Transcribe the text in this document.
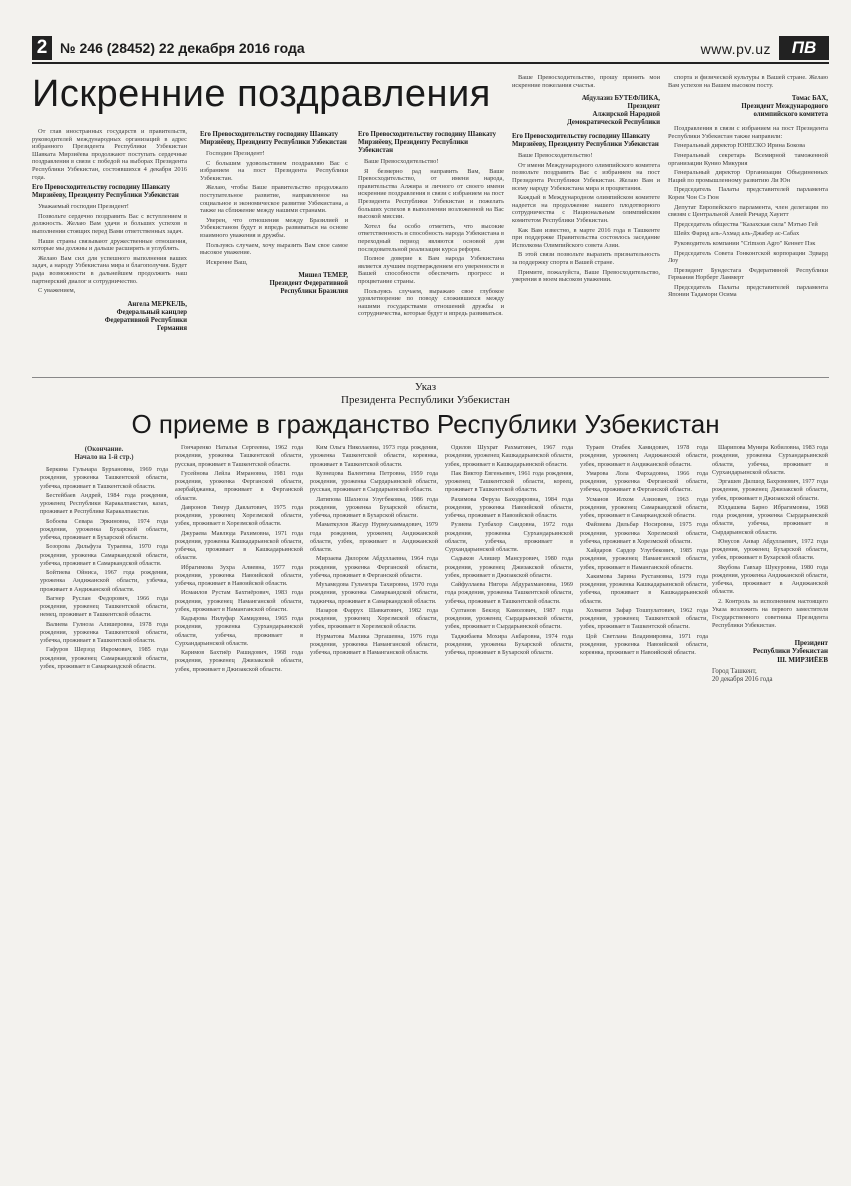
2 № 246 (28452) 22 декабря 2016 года	www.pv.uz	ПВ
Искренние поздравления

От глав иностранных государств и правительств, руководителей международных организаций в адрес избранного Президента Республики Узбекистан Шавката Мирзиёева продолжают поступать сердечные поздравления в связи с победой на выборах Президента Республики Узбекистан, состоявшихся 4 декабря 2016 года.

Его Превосходительству господину Шавкату Мирзиёеву, Президенту Республики Узбекистан

Уважаемый господин Президент!

Позвольте сердечно поздравить Вас с вступлением в должность. Желаю Вам удачи и больших успехов в выполнении стоящих перед Вами ответственных задач.

Наши страны связывают дружественные отношения, которые мы должны и дальше расширять и углублять.

Желаю Вам сил для успешного выполнения ваших задач, а народу Узбекистана мира и благополучия. Будет рада возможности в дальнейшем продолжить наш партнерский диалог и сотрудничество.

С уважением,

Ангела МЕРКЕЛЬ,
Федеральный канцлер
Федеративной Республики
Германия

Его Превосходительству господину Шавкату Мирзиёеву, Президенту Республики Узбекистан

Господин Президент!

С большим удовольствием поздравляю Вас с избранием на пост Президента Республики Узбекистан.

Желаю, чтобы Ваше правительство продолжало поступательное развитие, направленное на социальное и экономическое развитие Узбекистана, а также на сближение между нашими странами.

Уверен, что отношения между Бразилией и Узбекистаном будут и впредь развиваться на основе взаимного уважения и дружбы.

Пользуясь случаем, хочу выразить Вам свое самое высокое уважение.

Искренне Ваш,

Мишел ТЕМЕР,
Президент Федеративной
Республики Бразилия

Его Превосходительству господину Шавкату Мирзиёеву, Президенту Республики Узбекистан

Ваше Превосходительство!

Я безмерно рад направить Вам, Ваше Превосходительство, от имени народа, правительства Алжира и личного от своего имени искренние поздравления в связи с избранием на пост Президента Республики Узбекистан и пожелать больших успехов в выполнении возложенной на Вас высокой миссии.

Хотел бы особо отметить, что высокие ответственность и способность народа Узбекистана в переходный период являются основой для последовательной реализации курса реформ.

Полное доверие к Вам народа Узбекистана является лучшим подтверждением его уверенности в Вашей способности обеспечить прогресс и процветание страны.

Пользуясь случаем, выражаю свое глубокое удовлетворение по поводу сложившихся между нашими государствами отношений дружбы и сотрудничества, которые будут и впредь развиваться.

Ваше Превосходительство, прошу принять мои искренние пожелания счастья.

Абдулазиз БУТЕФЛИКА,
Президент
Алжирской Народной
Демократической Республики

Его Превосходительству господину Шавкату Мирзиёеву, Президенту Республики Узбекистан

Ваше Превосходительство!

От имени Международного олимпийского комитета позвольте поздравить Вас с избранием на пост Президента Республики Узбекистан. Желаю Вам и всему народу Узбекистана мира и процветания.

Каждый в Международном олимпийском комитете надеется на продолжение нашего плодотворного сотрудничества с Национальным олимпийским комитетом Республики Узбекистан.

Как Вам известно, в марте 2016 года в Ташкенте при поддержке Правительства состоялось заседание Исполкома Олимпийского совета Азии.

В этой связи позвольте выразить признательность за поддержку спорта в Вашей стране.

Примите, пожалуйста, Ваше Превосходительство, уверения в моем высоком уважении.

спорта и физической культуры в Вашей стране. Желаю Вам успехов на Вашем высоком посту.

Томас БАХ,
Президент Международного
олимпийского комитета

Поздравления в связи с избранием на пост Президента Республики Узбекистан также направили:

Генеральный директор ЮНЕСКО Ирина Бокова

Генеральный секретарь Всемирной таможенной организации Кунио Микурия

Генеральный директор Организации Объединенных Наций по промышленному развитию Ли Юн

Председатель Палаты представителей парламента Кореи Чон Сэ Гюн

Депутат Европейского парламента, член делегации по связям с Центральной Азией Ричард Хауитт

Председатель общества "Казахская сила" Мэтью Гей

Шейх Фарид аль-Ахмад аль-Джабер ас-Сабах

Руководитель компании "Crimson Agro" Кеннет Пэк

Председатель Совета Гонконгской корпорации Эдвард Лоу

Президент Бундестага Федеративной Республики Германия Норберт Ламмерт

Председатель Палаты представителей парламента Японии Тадамори Осима

Указ
Президента Республики Узбекистан
О приеме в гражданство Республики Узбекистан
(Окончание.
Начало на 1-й стр.)

Беркина Гульнара Бурхановна, 1969 года рождения, уроженка Ташкентской области, узбечка, проживает в Ташкентской области.

Бестейбаев Андрей, 1984 года рождения, уроженец Республики Каракалпакстан, казах, проживает в Республике Каракалпакстан.

Бобоева Севара Эркиновна, 1974 года рождения, уроженка Бухарской области, узбечка, проживает в Бухарской области.

Бозорова Дильфуза Тураевна, 1970 года рождения, уроженка Самаркандской области, узбечка, проживает в Самаркандской области.

Бойтиева Ойниса, 1967 года рождения, уроженка Андижанской области, узбечка, проживает в Андижанской области.

Вагнер Руслан Федорович, 1966 года рождения, уроженец Ташкентской области, немец, проживает в Ташкентской области.

Валиева Гулноза Алишеровна, 1978 года рождения, уроженка Ташкентской области, узбечка, проживает в Ташкентской области.

Гафуров Шерзод Икромович, 1985 года рождения, уроженец Самаркандской области, узбек, проживает в Самаркандской области.

Гончаренко Наталья Сергеевна, 1962 года рождения, уроженка Ташкентской области, русская, проживает в Ташкентской области.

Гусейнова Лейла Имрановна, 1981 года рождения, уроженка Ферганской области, азербайджанка, проживает в Ферганской области.

Давронов Тимур Давлатович, 1975 года рождения, уроженец Хорезмской области, узбек, проживает в Хорезмской области.

Джураева Мавлюда Рахимовна, 1971 года рождения, уроженка Кашкадарьинской области, узбечка, проживает в Кашкадарьинской области.

Ибрагимова Зухра Алиевна, 1977 года рождения, уроженка Навоийской области, узбечка, проживает в Навоийской области.

Исмаилов Рустам Бахтиёрович, 1983 года рождения, уроженец Наманганской области, узбек, проживает в Наманганской области.

Кадырова Нилуфар Хамидовна, 1965 года рождения, уроженка Сурхандарьинской области, узбечка, проживает в Сурхандарьинской области.

Каримов Бахтиёр Рашидович, 1968 года рождения, уроженец Джизакской области, узбек, проживает в Джизакской области.

Ким Ольга Николаевна, 1973 года рождения, уроженка Ташкентской области, кореянка, проживает в Ташкентской области.

Кузнецова Валентина Петровна, 1959 года рождения, уроженка Сырдарьинской области, русская, проживает в Сырдарьинской области.

Латипова Шахноза Улугбековна, 1986 года рождения, уроженка Бухарской области, узбечка, проживает в Бухарской области.

Маматкулов Жасур Нурмухаммадович, 1979 года рождения, уроженец Андижанской области, узбек, проживает в Андижанской области.

Мирзаева Дилором Абдуллаевна, 1964 года рождения, уроженка Ферганской области, узбечка, проживает в Ферганской области.

Мухамедова Гульчехра Тахировна, 1970 года рождения, уроженка Самаркандской области, таджичка, проживает в Самаркандской области.

Назаров Фаррух Шавкатович, 1982 года рождения, уроженец Хорезмской области, узбек, проживает в Хорезмской области.

Нурматова Малика Эргашевна, 1976 года рождения, уроженка Наманганской области, узбечка, проживает в Наманганской области.

Одилов Шухрат Рахматович, 1967 года рождения, уроженец Кашкадарьинской области, узбек, проживает в Кашкадарьинской области.

Пак Виктор Евгеньевич, 1961 года рождения, уроженец Ташкентской области, кореец, проживает в Ташкентской области.

Рахимова Феруза Баходировна, 1984 года рождения, уроженка Навоийской области, узбечка, проживает в Навоийской области.

Рузиева Гулбахор Саидовна, 1972 года рождения, уроженка Сурхандарьинской области, узбечка, проживает в Сурхандарьинской области.

Садыков Алишер Мансурович, 1980 года рождения, уроженец Джизакской области, узбек, проживает в Джизакской области.

Сайфуллаева Нигора Абдурахмановна, 1969 года рождения, уроженка Ташкентской области, узбечка, проживает в Ташкентской области.

Султанов Бекзод Камолович, 1987 года рождения, уроженец Сырдарьинской области, узбек, проживает в Сырдарьинской области.

Таджибаева Мохира Акбаровна, 1974 года рождения, уроженка Бухарской области, узбечка, проживает в Бухарской области.

Тураев Отабек Хамидович, 1978 года рождения, уроженец Андижанской области, узбек, проживает в Андижанской области.

Умарова Лола Фархадовна, 1966 года рождения, уроженка Ферганской области, узбечка, проживает в Ферганской области.

Усманов Илхом Азизович, 1963 года рождения, уроженец Самаркандской области, узбек, проживает в Самаркандской области.

Файзиева Дильбар Носировна, 1975 года рождения, уроженка Хорезмской области, узбечка, проживает в Хорезмской области.

Хайдаров Сардор Улугбекович, 1985 года рождения, уроженец Наманганской области, узбек, проживает в Наманганской области.

Хакимова Зарина Рустамовна, 1979 года рождения, уроженка Кашкадарьинской области, узбечка, проживает в Кашкадарьинской области.

Холматов Зафар Тошпулатович, 1962 года рождения, уроженец Ташкентской области, узбек, проживает в Ташкентской области.

Цой Светлана Владимировна, 1971 года рождения, уроженка Навоийской области, кореянка, проживает в Навоийской области.

Шарипова Мунира Кобиловна, 1983 года рождения, уроженка Сурхандарьинской области, узбечка, проживает в Сурхандарьинской области.

Эргашев Дилшод Бахромович, 1977 года рождения, уроженец Джизакской области, узбек, проживает в Джизакской области.

Юлдашева Барно Ибрагимовна, 1968 года рождения, уроженка Сырдарьинской области, узбечка, проживает в Сырдарьинской области.

Юнусов Анвар Абдуллаевич, 1972 года рождения, уроженец Бухарской области, узбек, проживает в Бухарской области.

Якубова Гавхар Шукуровна, 1980 года рождения, уроженка Андижанской области, узбечка, проживает в Андижанской области.

2. Контроль за исполнением настоящего Указа возложить на первого заместителя Государственного советника Президента Республики Узбекистан.

Президент
Республики Узбекистан
Ш. МИРЗИЁЕВ
Город Ташкент,
20 декабря 2016 года
